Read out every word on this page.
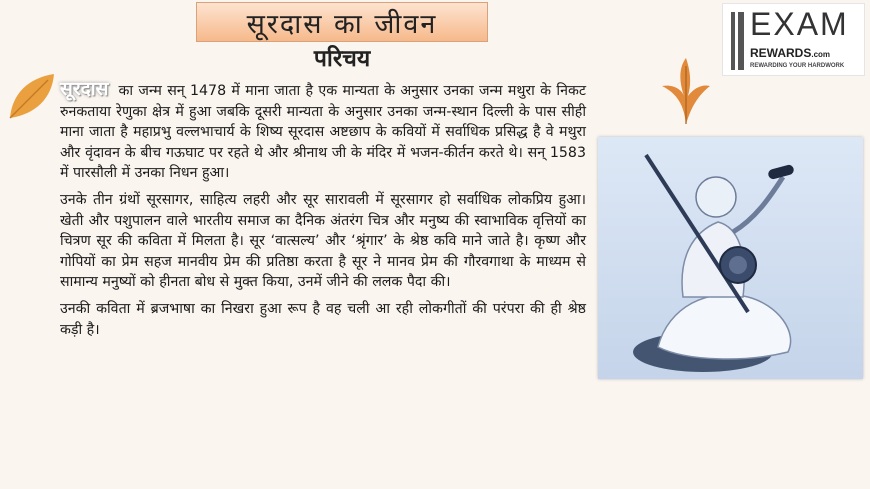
सूरदास का जीवन
परिचय
EXAM
REWARDS.com
REWARDING YOUR HARDWORK

सूरदास का जन्म सन् 1478 में माना जाता है एक मान्यता के अनुसार उनका जन्म मथुरा के निकट रुनकताया रेणुका क्षेत्र में हुआ जबकि दूसरी मान्यता के अनुसार उनका जन्म-स्थान दिल्ली के पास सीही माना जाता है महाप्रभु वल्लभाचार्य के शिष्य सूरदास अष्टछाप के कवियों में सर्वाधिक प्रसिद्ध है वे मथुरा और वृंदावन के बीच गऊघाट पर रहते थे और श्रीनाथ जी के मंदिर में भजन-कीर्तन करते थे। सन् 1583 में पारसौली में उनका निधन हुआ।

उनके तीन ग्रंथों सूरसागर, साहित्य लहरी और सूर सारावली में सूरसागर हो सर्वाधिक लोकप्रिय हुआ। खेती और पशुपालन वाले भारतीय समाज का दैनिक अंतरंग चित्र और मनुष्य की स्वाभाविक वृत्तियों का चित्रण सूर की कविता में मिलता है। सूर ‘वात्सल्य’ और ‘श्रृंगार’ के श्रेष्ठ कवि माने जाते है। कृष्ण और गोपियों का प्रेम सहज मानवीय प्रेम की प्रतिष्ठा करता है सूर ने मानव प्रेम की गौरवगाथा के माध्यम से सामान्य मनुष्यों को हीनता बोध से मुक्त किया, उनमें जीने की ललक पैदा की।

उनकी कविता में ब्रजभाषा का निखरा हुआ रूप है वह चली आ रही लोकगीतों की परंपरा की ही श्रेष्ठ कड़ी है।
